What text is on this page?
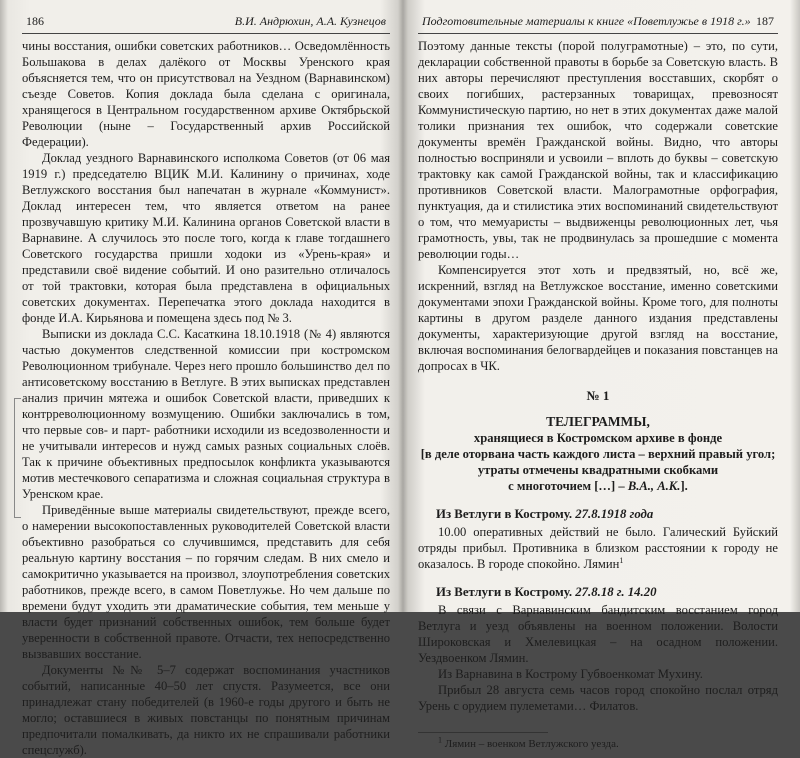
186	В.И. Андрюхин, А.А. Кузнецов

чины восстания, ошибки советских работников… Осведомлённость Большакова в делах далёкого от Москвы Уренского края объясняется тем, что он присутствовал на Уездном (Варнавинском) съезде Советов. Копия доклада была сделана с оригинала, хранящегося в Центральном государственном архиве Октябрьской Революции (ныне – Государственный архив Российской Федерации).

Доклад уездного Варнавинского исполкома Советов (от 06 мая 1919 г.) председателю ВЦИК М.И. Калинину о причинах, ходе Ветлужского восстания был напечатан в журнале «Коммунист». Доклад интересен тем, что является ответом на ранее прозвучавшую критику М.И. Калинина органов Советской власти в Варнавине. А случилось это после того, когда к главе тогдашнего Советского государства пришли ходоки из «Урень-края» и представили своё видение событий. И оно разительно отличалось от той трактовки, которая была представлена в официальных советских документах. Перепечатка этого доклада находится в фонде И.А. Кирьянова и помещена здесь под № 3.

Выписки из доклада С.С. Касаткина 18.10.1918 (№ 4) являются частью документов следственной комиссии при костромском Революционном трибунале. Через него прошло большинство дел по антисоветскому восстанию в Ветлуге. В этих выписках представлен анализ причин мятежа и ошибок Советской власти, приведших к контрреволюционному возмущению. Ошибки заключались в том, что первые сов- и парт- работники исходили из вседозволенности и не учитывали интересов и нужд самых разных социальных слоёв. Так к причине объективных предпосылок конфликта указываются мотив местечкового сепаратизма и сложная социальная структура в Уренском крае.

Приведённые выше материалы свидетельствуют, прежде всего, о намерении высокопоставленных руководителей Советской власти объективно разобраться со случившимся, представить для себя реальную картину восстания – по горячим следам. В них смело и самокритично указывается на произвол, злоупотребления советских работников, прежде всего, в самом Поветлужье. Но чем дальше по времени будут уходить эти драматические события, тем меньше у власти будет признаний собственных ошибок, тем больше будет уверенности в собственной правоте. Отчасти, тех непосредственно вызвавших восстание.

Документы №№ 5–7 содержат воспоминания участников событий, написанные 40–50 лет спустя. Разумеется, все они принадлежат стану победителей (в 1960-е годы другого и быть не могло; оставшиеся в живых повстанцы по понятным причинам предпочитали помалкивать, да никто их не спрашивали работники спецслужб).

Подготовительные материалы к книге «Поветлужье в 1918 г.» 187

Поэтому данные тексты (порой полуграмотные) – это, по сути, декларации собственной правоты в борьбе за Советскую власть. В них авторы перечисляют преступления восставших, скорбят о своих погибших, растерзанных товарищах, превозносят Коммунистическую партию, но нет в этих документах даже малой толики признания тех ошибок, что содержали советские документы времён Гражданской войны. Видно, что авторы полностью восприняли и усвоили – вплоть до буквы – советскую трактовку как самой Гражданской войны, так и классификацию противников Советской власти. Малограмотные орфография, пунктуация, да и стилистика этих воспоминаний свидетельствуют о том, что мемуаристы – выдвиженцы революционных лет, чья грамотность, увы, так не продвинулась за прошедшие с момента революции годы…

Компенсируется этот хоть и предвзятый, но, всё же, искренний, взгляд на Ветлужское восстание, именно советскими документами эпохи Гражданской войны. Кроме того, для полноты картины в другом разделе данного издания представлены документы, характеризующие другой взгляд на восстание, включая воспоминания белогвардейцев и показания повстанцев на допросах в ЧК.

№ 1
ТЕЛЕГРАММЫ,
хранящиеся в Костромском архиве в фонде
[в деле оторвана часть каждого листа – верхний правый угол;
утраты отмечены квадратными скобками
с многоточием […] – В.А., А.К.].
Из Ветлуги в Кострому. 27.8.1918 года

10.00 оперативных действий не было. Галический Буйский отряды прибыл. Противника в близком расстоянии к городу не оказалось. В городе спокойно. Лямин$^1$

Из Ветлуги в Кострому. 27.8.18 г. 14.20

В связи с Варнавинским бандитским восстанием город Ветлуга и уезд объявлены на военном положении. Волости Широковская и Хмелевицкая – на осадном положении. Уездвоенком Лямин.

Из Варнавина в Кострому Губвоенкомат Мухину.

Прибыл 28 августа семь часов город спокойно послал отряд Урень с орудием пулеметами… Филатов.

$^1$ Лямин – военком Ветлужского уезда.
